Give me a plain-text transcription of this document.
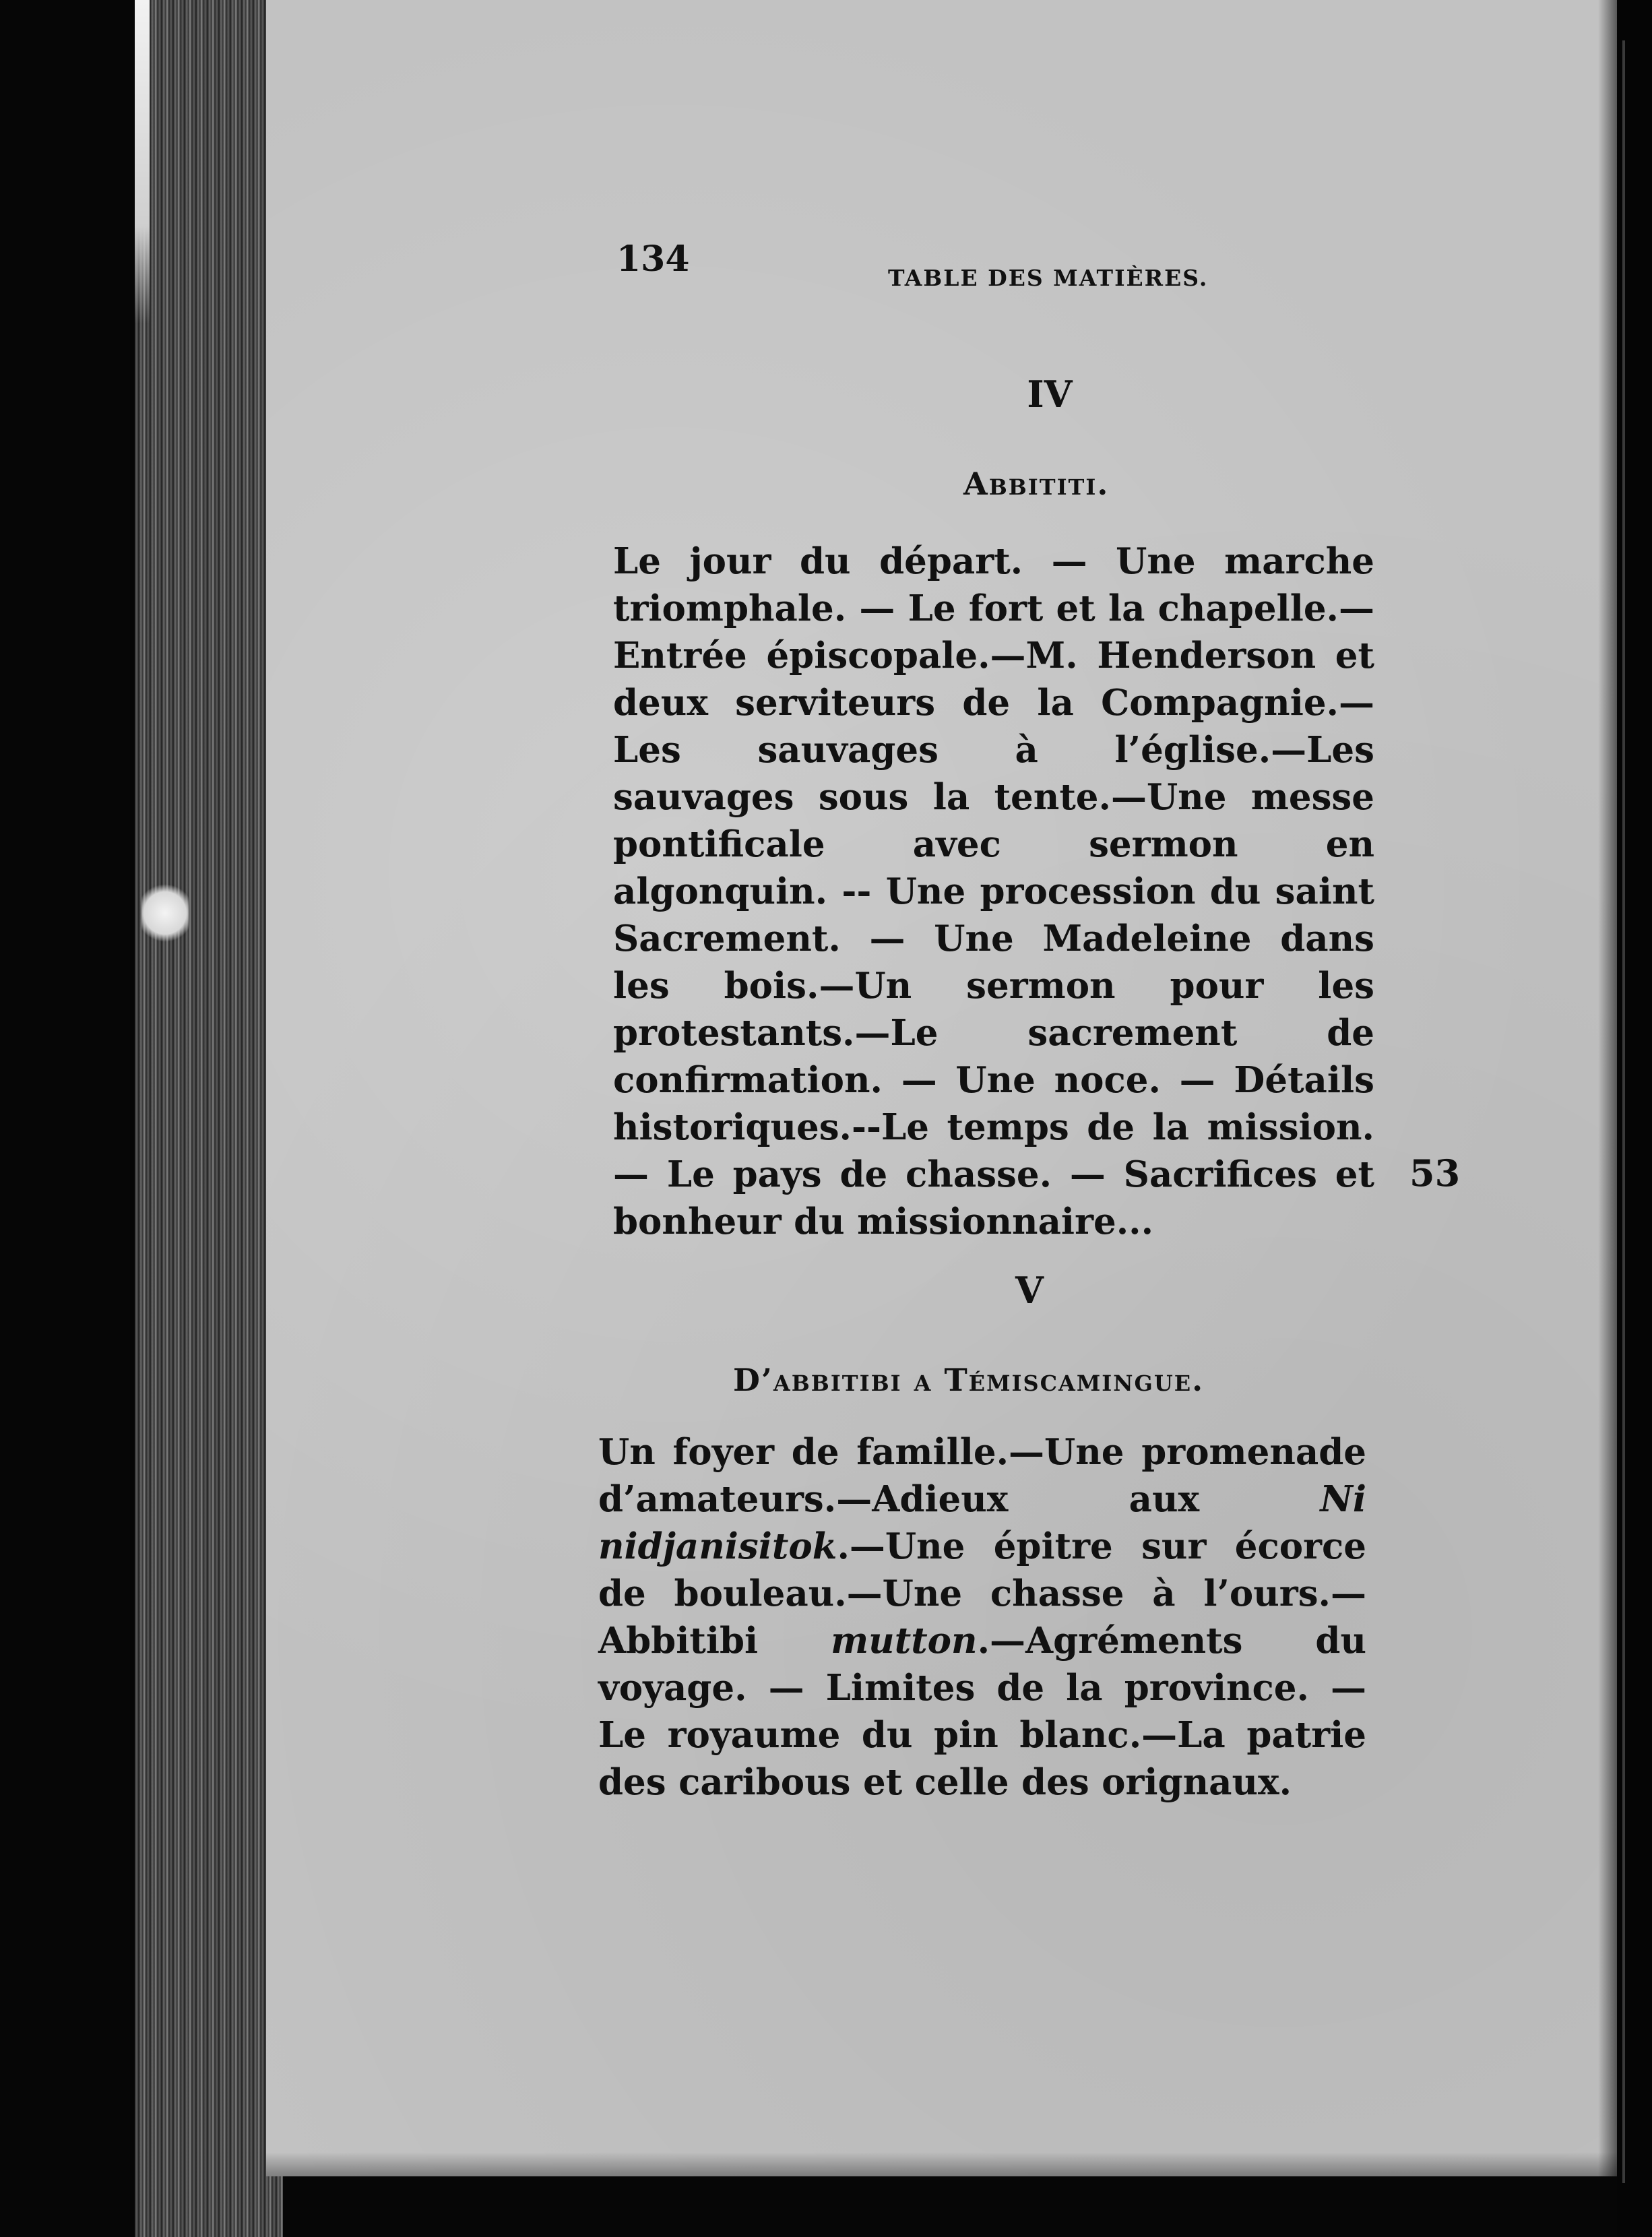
134	TABLE DES MATIÈRES.
IV
Abbititi.
Le jour du départ. — Une marche triomphale. — Le fort et la chapelle.—Entrée épiscopale.—M. Henderson et deux serviteurs de la Compagnie.—Les sauvages à l’église.—Les sauvages sous la tente.—Une messe pontificale avec sermon en algonquin. -- Une procession du saint Sacrement. — Une Madeleine dans les bois.—Un sermon pour les protestants.—Le sacrement de confirmation. — Une noce. — Détails historiques.--Le temps de la mission. — Le pays de chasse. — Sacrifices et bonheur du missionnaire...
53
V
D’abbitibi a Témiscamingue.
Un foyer de famille.—Une promenade d’amateurs.—Adieux aux Ni nidjanisitok.—Une épitre sur écorce de bouleau.—Une chasse à l’ours.—Abbitibi mutton.—Agréments du voyage. — Limites de la province. — Le royaume du pin blanc.—La patrie des caribous et celle des orignaux.
